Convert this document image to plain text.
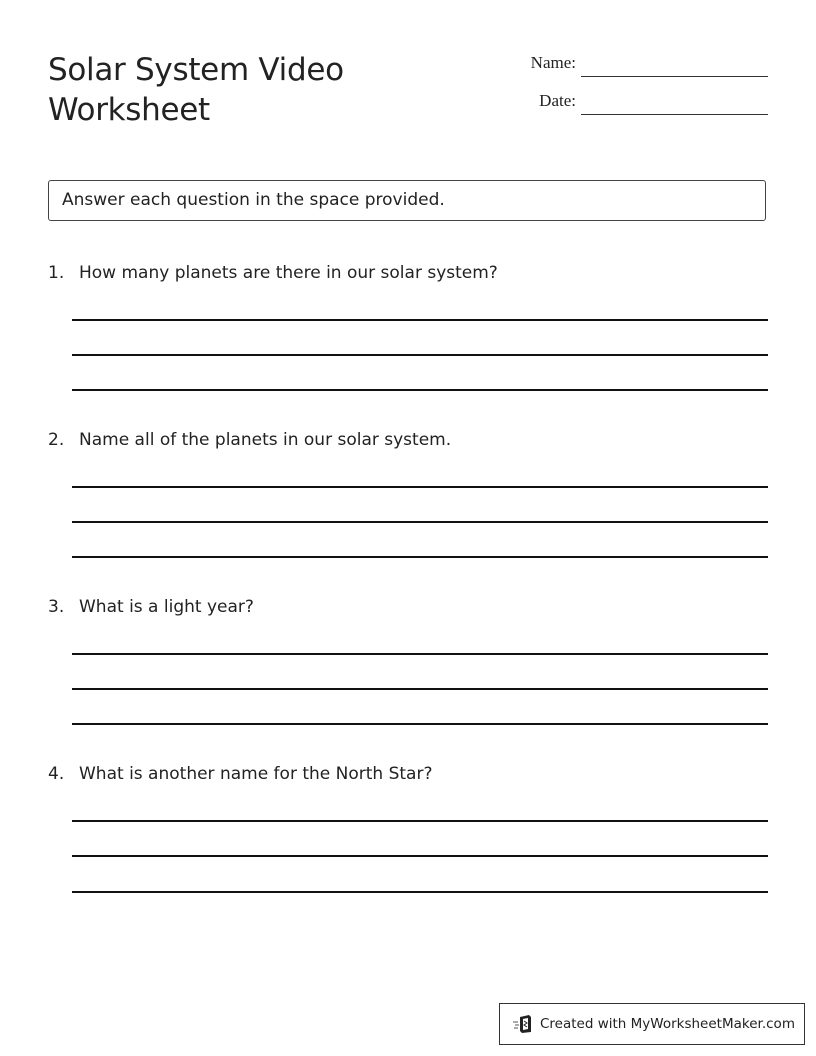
Solar System Video
Worksheet
Name:
Date:
Answer each question in the space provided.
1. How many planets are there in our solar system?
2. Name all of the planets in our solar system.
3. What is a light year?
4. What is another name for the North Star?
Created with MyWorksheetMaker.com
